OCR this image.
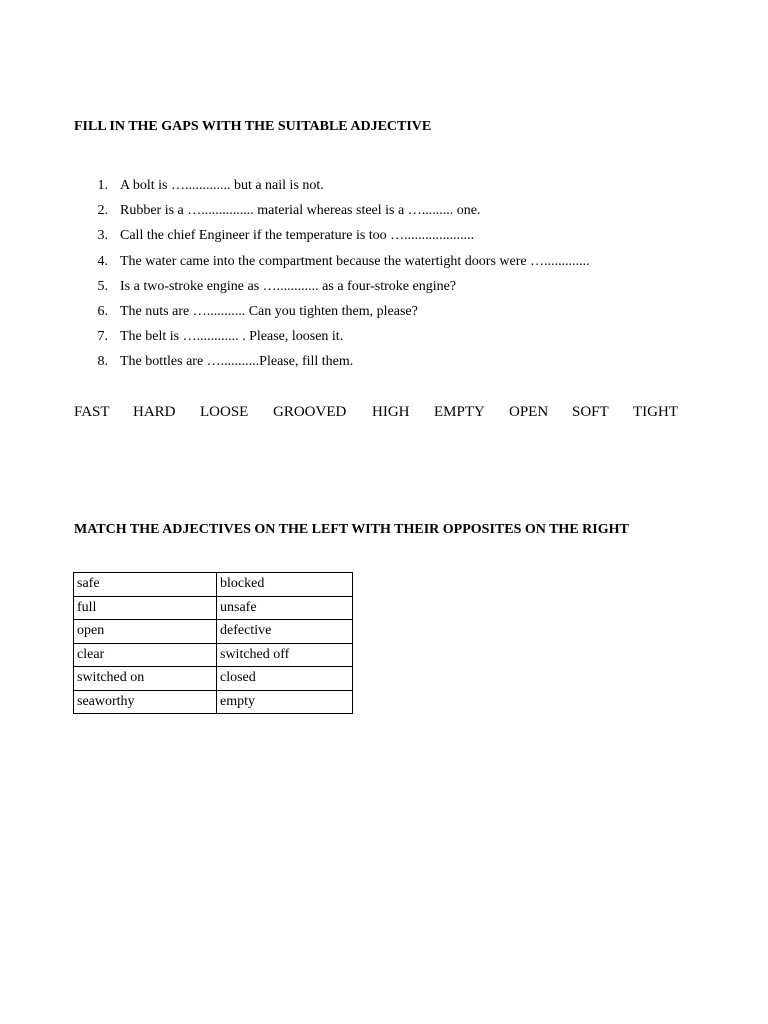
FILL IN THE GAPS WITH THE SUITABLE ADJECTIVE
1. A bolt is …............. but a nail is not.
2. Rubber is a …............... material whereas steel is a …......... one.
3. Call the chief Engineer if the temperature is too …....................
4. The water came into the compartment because the watertight doors were ….............
5. Is a two-stroke engine as …............ as a four-stroke engine?
6. The nuts are …........... Can you tighten them, please?
7. The belt is …............ . Please, loosen it.
8. The bottles are …...........Please, fill them.
FAST HARD LOOSE GROOVED HIGH EMPTY OPEN SOFT TIGHT
MATCH THE ADJECTIVES ON THE LEFT WITH THEIR OPPOSITES ON THE RIGHT
safe	blocked
full	unsafe
open	defective
clear	switched off
switched on	closed
seaworthy	empty
